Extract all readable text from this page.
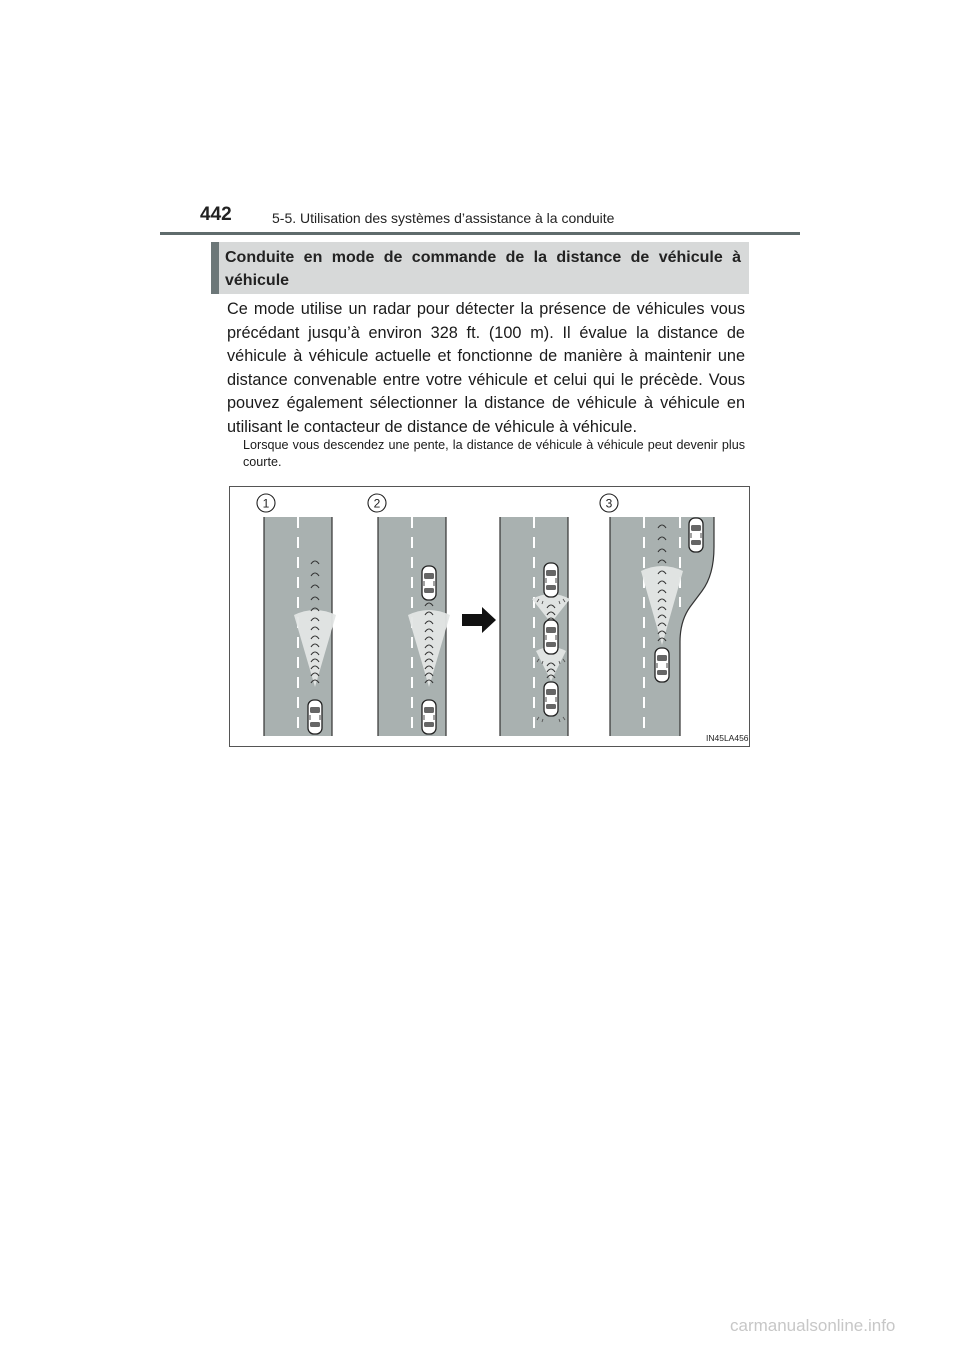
442	5-5. Utilisation des systèmes d’assistance à la conduite
Conduite en mode de commande de la distance de véhicule à véhicule

Ce mode utilise un radar pour détecter la présence de véhicules vous précédant jusqu’à environ 328 ft. (100 m). Il évalue la distance de véhicule à véhicule actuelle et fonctionne de manière à maintenir une distance convenable entre votre véhicule et celui qui le précède. Vous pouvez également sélectionner la distance de véhicule à véhicule en utilisant le contacteur de distance de véhicule à véhicule.

Lorsque vous descendez une pente, la distance de véhicule à véhicule peut devenir plus courte.

1	2	3
IN45LA456
carmanualsonline.info
